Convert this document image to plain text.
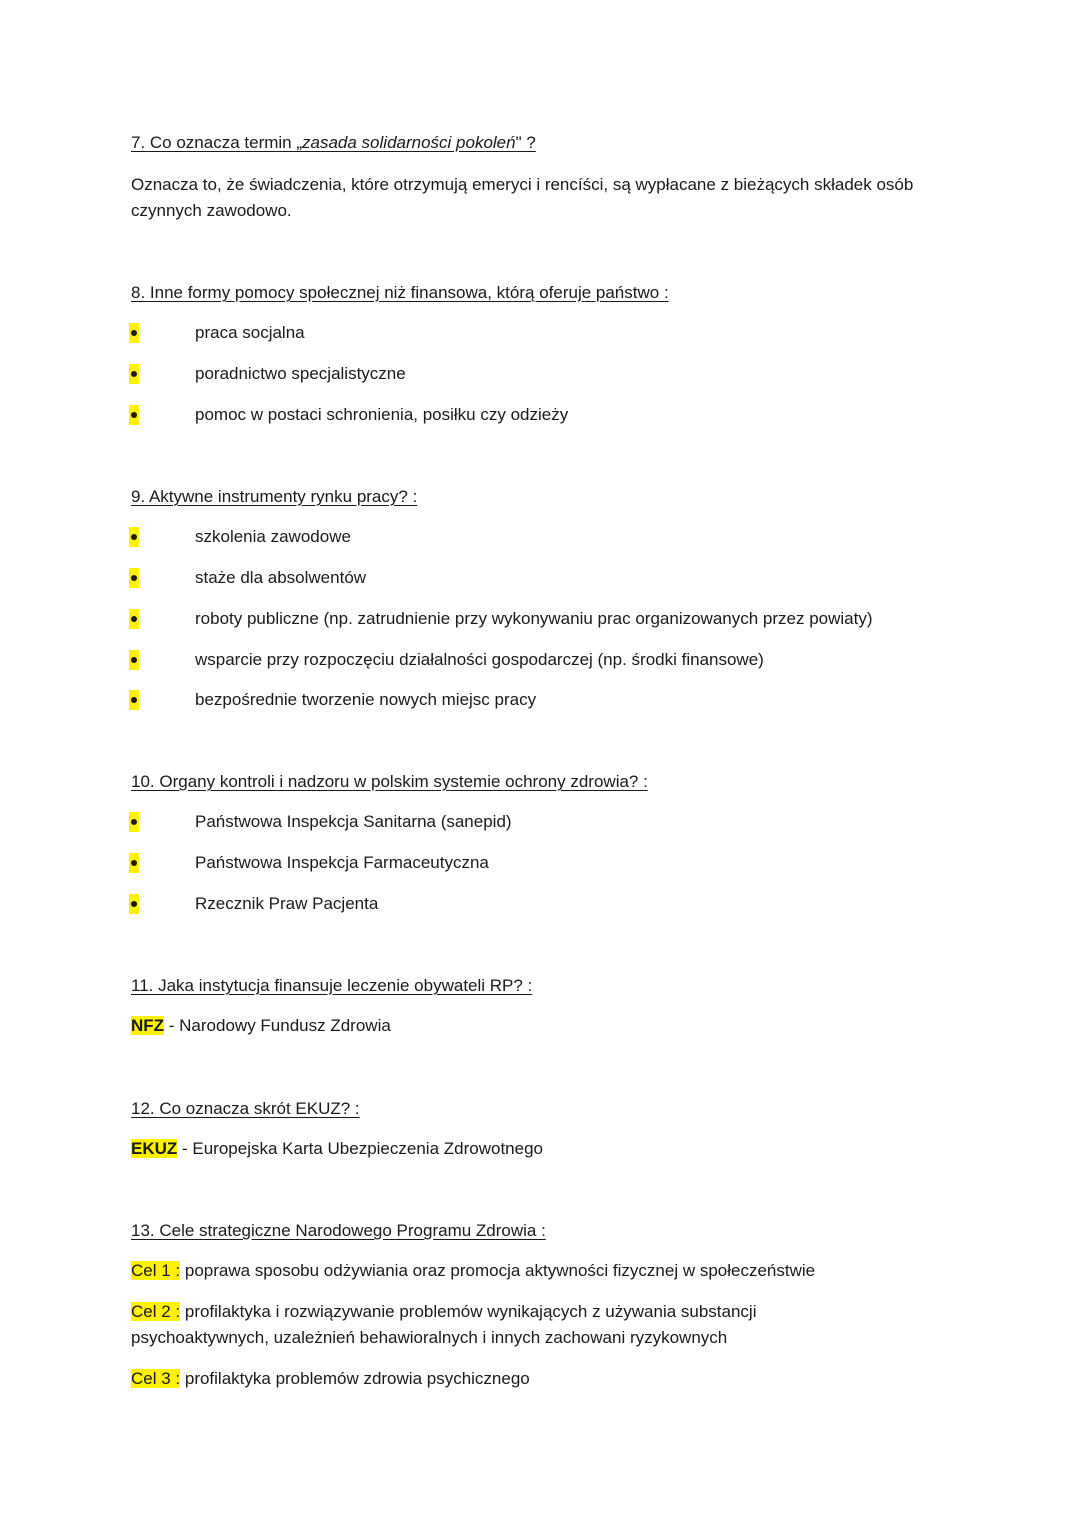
7. Co oznacza termin „zasada solidarności pokoleń" ?
Oznacza to, że świadczenia, które otrzymują emeryci i rencíści, są wypłacane z bieżących składek osób czynnych zawodowo.
8. Inne formy pomocy społecznej niż finansowa, którą oferuje państwo :
praca socjalna
poradnictwo specjalistyczne
pomoc w postaci schronienia, posiłku czy odzieży
9. Aktywne instrumenty rynku pracy? :
szkolenia zawodowe
staże dla absolwentów
roboty publiczne (np. zatrudnienie przy wykonywaniu prac organizowanych przez powiaty)
wsparcie przy rozpoczęciu działalności gospodarczej (np. środki finansowe)
bezpośrednie tworzenie nowych miejsc pracy
10. Organy kontroli i nadzoru w polskim systemie ochrony zdrowia? :
Państwowa Inspekcja Sanitarna (sanepid)
Państwowa Inspekcja Farmaceutyczna
Rzecznik Praw Pacjenta
11. Jaka instytucja finansuje leczenie obywateli RP? :
NFZ - Narodowy Fundusz Zdrowia
12. Co oznacza skrót EKUZ? :
EKUZ - Europejska Karta Ubezpieczenia Zdrowotnego
13. Cele strategiczne Narodowego Programu Zdrowia :
Cel 1 : poprawa sposobu odżywiania oraz promocja aktywności fizycznej w społeczeństwie
Cel 2 : profilaktyka i rozwiązywanie problemów wynikających z używania substancji psychoaktywnych, uzależnień behawioralnych i innych zachowani ryzykownych
Cel 3 : profilaktyka problemów zdrowia psychicznego
